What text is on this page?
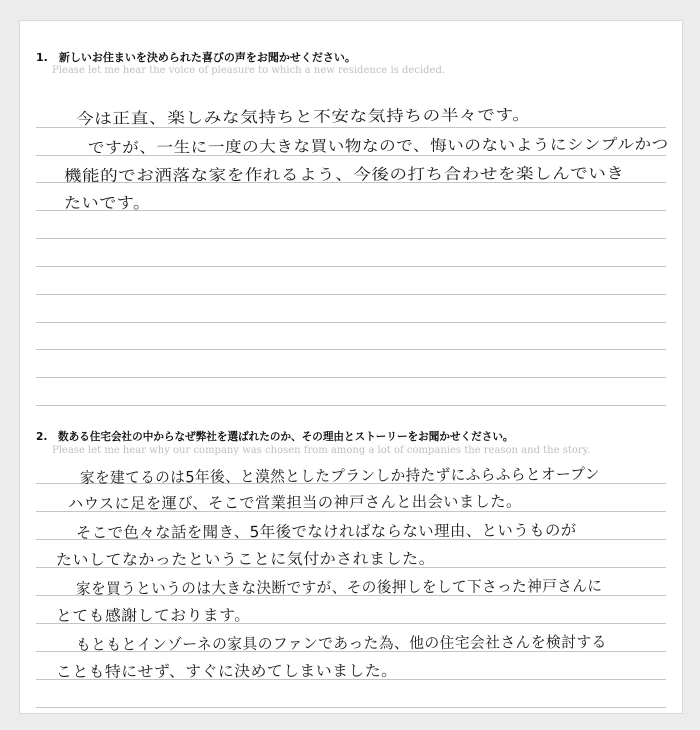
1.　新しいお住まいを決められた喜びの声をお聞かせください。
Please let me hear the voice of pleasure to which a new residence is decided.
今は正直、楽しみな気持ちと不安な気持ちの半々です。
ですが、一生に一度の大きな買い物なので、悔いのないようにシンプルかつ
機能的でお洒落な家を作れるよう、今後の打ち合わせを楽しんでいき
たいです。
2.　数ある住宅会社の中からなぜ弊社を選ばれたのか、その理由とストーリーをお聞かせください。
Please let me hear why our company was chosen from among a lot of companies the reason and the story.
家を建てるのは5年後、と漠然としたプランしか持たずにふらふらとオープン
ハウスに足を運び、そこで営業担当の神戸さんと出会いました。
そこで色々な話を聞き、5年後でなければならない理由、というものが
たいしてなかったということに気付かされました。
家を買うというのは大きな決断ですが、その後押しをして下さった神戸さんに
とても感謝しております。
もともとインゾーネの家具のファンであった為、他の住宅会社さんを検討する
ことも特にせず、すぐに決めてしまいました。
